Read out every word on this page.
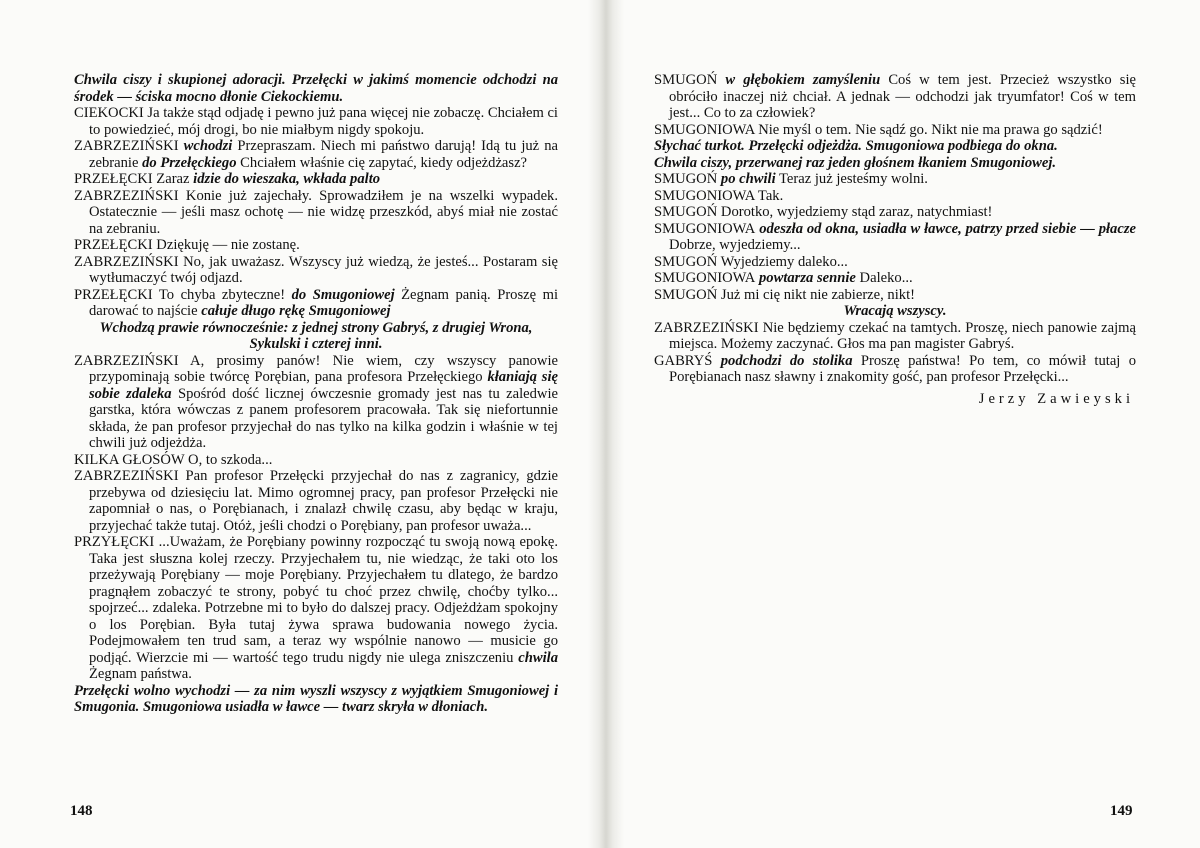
Chwila ciszy i skupionej adoracji. Przełęcki w jakimś momencie odchodzi na środek — ściska mocno dłonie Ciekockiemu.

CIEKOCKI Ja także stąd odjadę i pewno już pana więcej nie zobaczę. Chciałem ci to powiedzieć, mój drogi, bo nie miałbym nigdy spokoju.

ZABRZEZIŃSKI wchodzi Przepraszam. Niech mi państwo darują! Idą tu już na zebranie do Przełęckiego Chciałem właśnie cię zapytać, kiedy odjeżdżasz?

PRZEŁĘCKI Zaraz idzie do wieszaka, wkłada palto

ZABRZEZIŃSKI Konie już zajechały. Sprowadziłem je na wszelki wypadek. Ostatecznie — jeśli masz ochotę — nie widzę przeszkód, abyś miał nie zostać na zebraniu.

PRZEŁĘCKI Dziękuję — nie zostanę.

ZABRZEZIŃSKI No, jak uważasz. Wszyscy już wiedzą, że jesteś... Postaram się wytłumaczyć twój odjazd.

PRZEŁĘCKI To chyba zbyteczne! do Smugoniowej Żegnam panią. Proszę mi darować to najście całuje długo rękę Smugoniowej

Wchodzą prawie równocześnie: z jednej strony Gabryś, z drugiej Wrona, Sykulski i czterej inni.

ZABRZEZIŃSKI A, prosimy panów! Nie wiem, czy wszyscy panowie przypominają sobie twórcę Porębian, pana profesora Przełęckiego kłaniają się sobie zdaleka Spośród dość licznej ówczesnie gromady jest nas tu zaledwie garstka, która wówczas z panem profesorem pracowała. Tak się niefortunnie składa, że pan profesor przyjechał do nas tylko na kilka godzin i właśnie w tej chwili już odjeżdża.

KILKA GŁOSÓW O, to szkoda...

ZABRZEZIŃSKI Pan profesor Przełęcki przyjechał do nas z zagranicy, gdzie przebywa od dziesięciu lat. Mimo ogromnej pracy, pan profesor Przełęcki nie zapomniał o nas, o Porębianach, i znalazł chwilę czasu, aby będąc w kraju, przyjechać także tutaj. Otóż, jeśli chodzi o Porębiany, pan profesor uważa...

PRZYŁĘCKI ...Uważam, że Porębiany powinny rozpocząć tu swoją nową epokę. Taka jest słuszna kolej rzeczy. Przyjechałem tu, nie wiedząc, że taki oto los przeżywają Porębiany — moje Porębiany. Przyjechałem tu dlatego, że bardzo pragnąłem zobaczyć te strony, pobyć tu choć przez chwilę, choćby tylko... spojrzeć... zdaleka. Potrzebne mi to było do dalszej pracy. Odjeżdżam spokojny o los Porębian. Była tutaj żywa sprawa budowania nowego życia. Podejmowałem ten trud sam, a teraz wy wspólnie nanowo — musicie go podjąć. Wierzcie mi — wartość tego trudu nigdy nie ulega zniszczeniu chwila Żegnam państwa.

Przełęcki wolno wychodzi — za nim wyszli wszyscy z wyjątkiem Smugoniowej i Smugonia. Smugoniowa usiadła w ławce — twarz skryła w dłoniach.

148

SMUGOŃ w głębokiem zamyśleniu Coś w tem jest. Przecież wszystko się obróciło inaczej niż chciał. A jednak — odchodzi jak tryumfator! Coś w tem jest... Co to za człowiek?

SMUGONIOWA Nie myśl o tem. Nie sądź go. Nikt nie ma prawa go sądzić!

Słychać turkot. Przełęcki odjeżdża. Smugoniowa podbiega do okna.

Chwila ciszy, przerwanej raz jeden głośnem łkaniem Smugoniowej.

SMUGOŃ po chwili Teraz już jesteśmy wolni.

SMUGONIOWA Tak.

SMUGOŃ Dorotko, wyjedziemy stąd zaraz, natychmiast!

SMUGONIOWA odeszła od okna, usiadła w ławce, patrzy przed siebie — płacze Dobrze, wyjedziemy...

SMUGOŃ Wyjedziemy daleko...

SMUGONIOWA powtarza sennie Daleko...

SMUGOŃ Już mi cię nikt nie zabierze, nikt!

Wracają wszyscy.

ZABRZEZIŃSKI Nie będziemy czekać na tamtych. Proszę, niech panowie zajmą miejsca. Możemy zaczynać. Głos ma pan magister Gabryś.

GABRYŚ podchodzi do stolika Proszę państwa! Po tem, co mówił tutaj o Porębianach nasz sławny i znakomity gość, pan profesor Przełęcki...

Jerzy Zawieyski

149
